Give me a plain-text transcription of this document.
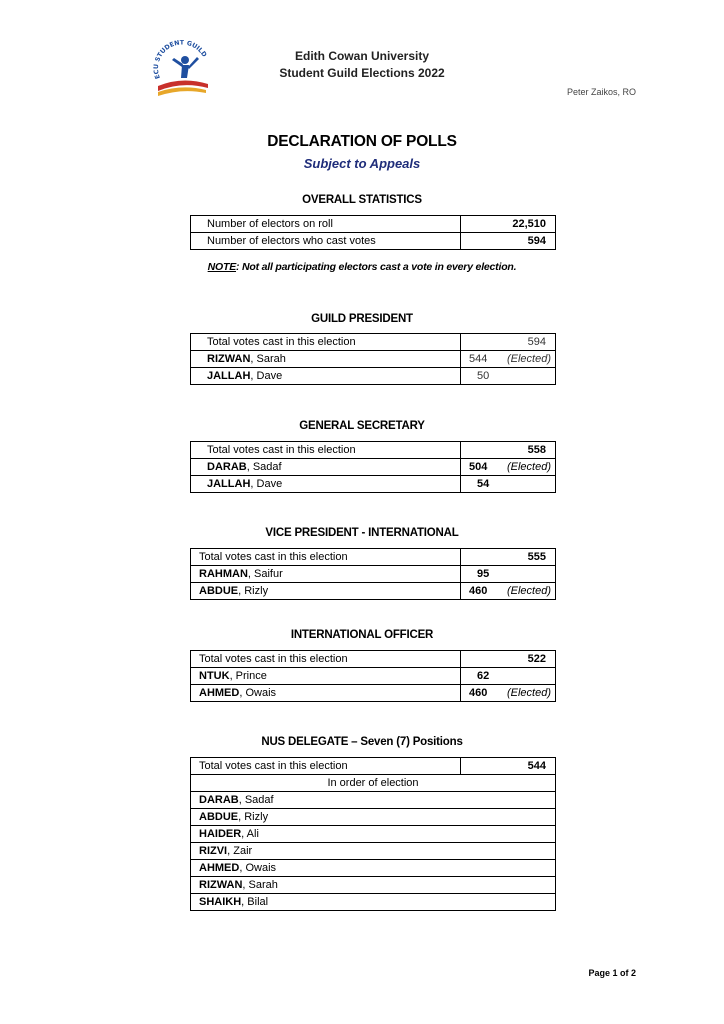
ECU STUDENT GUILD	Edith Cowan University
Student Guild Elections 2022
Peter Zaikos, RO
DECLARATION OF POLLS
Subject to Appeals
OVERALL STATISTICS
Number of electors on roll	22,510
Number of electors who cast votes	594
NOTE: Not all participating electors cast a vote in every election.
GUILD PRESIDENT
Total votes cast in this election	594
RIZWAN, Sarah	544 (Elected)

JALLAH, Dave	50
GENERAL SECRETARY
Total votes cast in this election	558
DARAB, Sadaf	504 (Elected)

JALLAH, Dave	54
VICE PRESIDENT - INTERNATIONAL
Total votes cast in this election	555
RAHMAN, Saifur	95
ABDUE, Rizly	460 (Elected)
INTERNATIONAL OFFICER
Total votes cast in this election	522
NTUK, Prince	62
AHMED, Owais	460 (Elected)
NUS DELEGATE – Seven (7) Positions
Total votes cast in this election	544
In order of election
DARAB, Sadaf
ABDUE, Rizly
HAIDER, Ali
RIZVI, Zair
AHMED, Owais
RIZWAN, Sarah
SHAIKH, Bilal
Page 1 of 2
